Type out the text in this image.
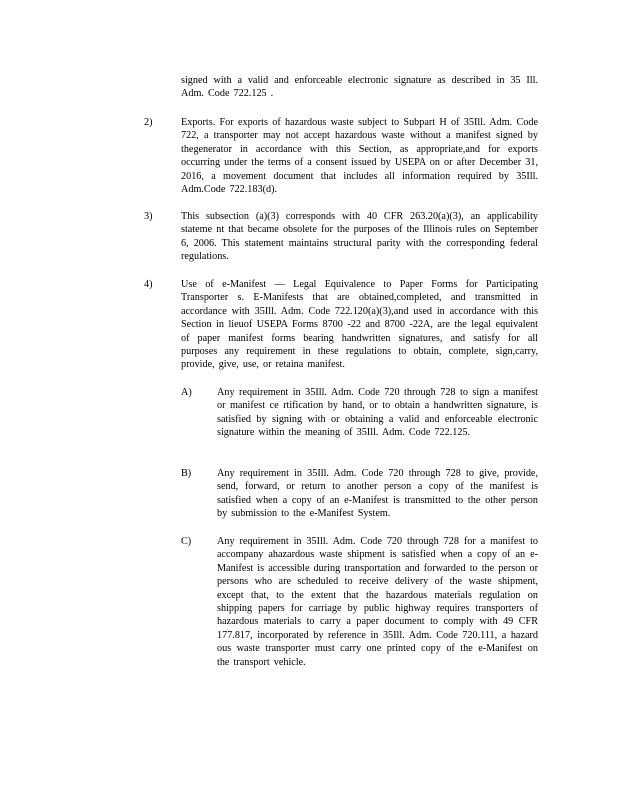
signed with a valid and enforceable electronic signature as described in 35 Ill. Adm. Code 722.125 .

2)	Exports. For exports of hazardous waste subject to Subpart H of 35Ill. Adm. Code 722, a transporter may not accept hazardous waste without a manifest signed by thegenerator in accordance with this Section, as appropriate,and for exports occurring under the terms of a consent issued by USEPA on or after December 31, 2016, a movement document that includes all information required by 35Ill. Adm.Code 722.183(d).

3)	This subsection (a)(3) corresponds with 40 CFR 263.20(a)(3), an applicability stateme nt that became obsolete for the purposes of the Illinois rules on September 6, 2006. This statement maintains structural parity with the corresponding federal regulations.

4)	Use of e-Manifest — Legal Equivalence to Paper Forms for Participating Transporter s. E-Manifests that are obtained,completed, and transmitted in accordance with 35Ill. Adm. Code 722.120(a)(3),and used in accordance with this Section in lieuof USEPA Forms 8700 -22 and 8700 -22A, are the legal equivalent of paper manifest forms bearing handwritten signatures, and satisfy for all purposes any requirement in these regulations to obtain, complete, sign,carry, provide, give, use, or retaina manifest.

A) Any requirement in 35Ill. Adm. Code 720 through 728 to sign a manifest or manifest ce rtification by hand, or to obtain a handwritten signature, is satisfied by signing with or obtaining a valid and enforceable electronic signature within the meaning of 35Ill. Adm. Code 722.125.

B)	Any requirement in 35Ill. Adm. Code 720 through 728 to give, provide, send, forward, or return to another person a copy of the manifest is satisfied when a copy of an e-Manifest is transmitted to the other person by submission to the e-Manifest System.

C)	Any requirement in 35Ill. Adm. Code 720 through 728 for a manifest to accompany ahazardous waste shipment is satisfied when a copy of an e-Manifest is accessible during transportation and forwarded to the person or persons who are scheduled to receive delivery of the waste shipment, except that, to the extent that the hazardous materials regulation on shipping papers for carriage by public highway requires transporters of hazardous materials to carry a paper document to comply with 49 CFR 177.817, incorporated by reference in 35Ill. Adm. Code 720.111, a hazard ous waste transporter must carry one printed copy of the e-Manifest on the transport vehicle.
